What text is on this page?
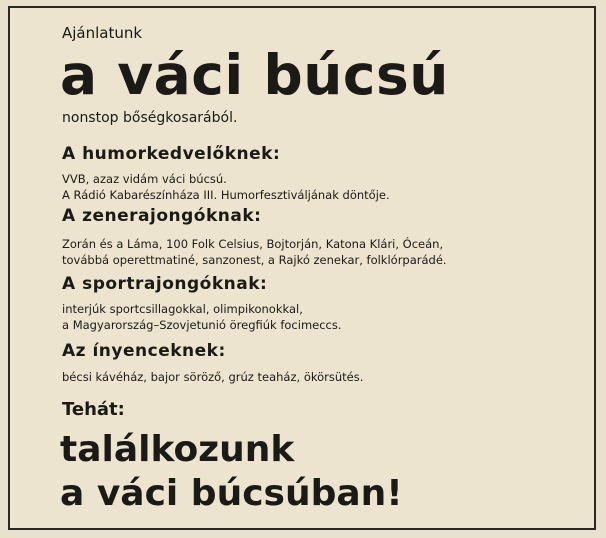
Ajánlatunk

a váci búcsú

nonstop bőségkosarából.

A humorkedvelőknek:
VVB, azaz vidám váci búcsú.
A Rádió Kabarészínháza III. Humorfesztiváljának döntője.
A zenerajongóknak:
Zorán és a Láma, 100 Folk Celsius, Bojtorján, Katona Klári, Óceán,
továbbá operettmatiné, sanzonest, a Rajkó zenekar, folklórparádé.
A sportrajongóknak:
interjúk sportcsillagokkal, olimpikonokkal,
a Magyarország–Szovjetunió öregfiúk focimeccs.
Az ínyenceknek:
bécsi kávéház, bajor söröző, grúz teaház, ökörsütés.

Tehát:

találkozunk
a váci búcsúban!
